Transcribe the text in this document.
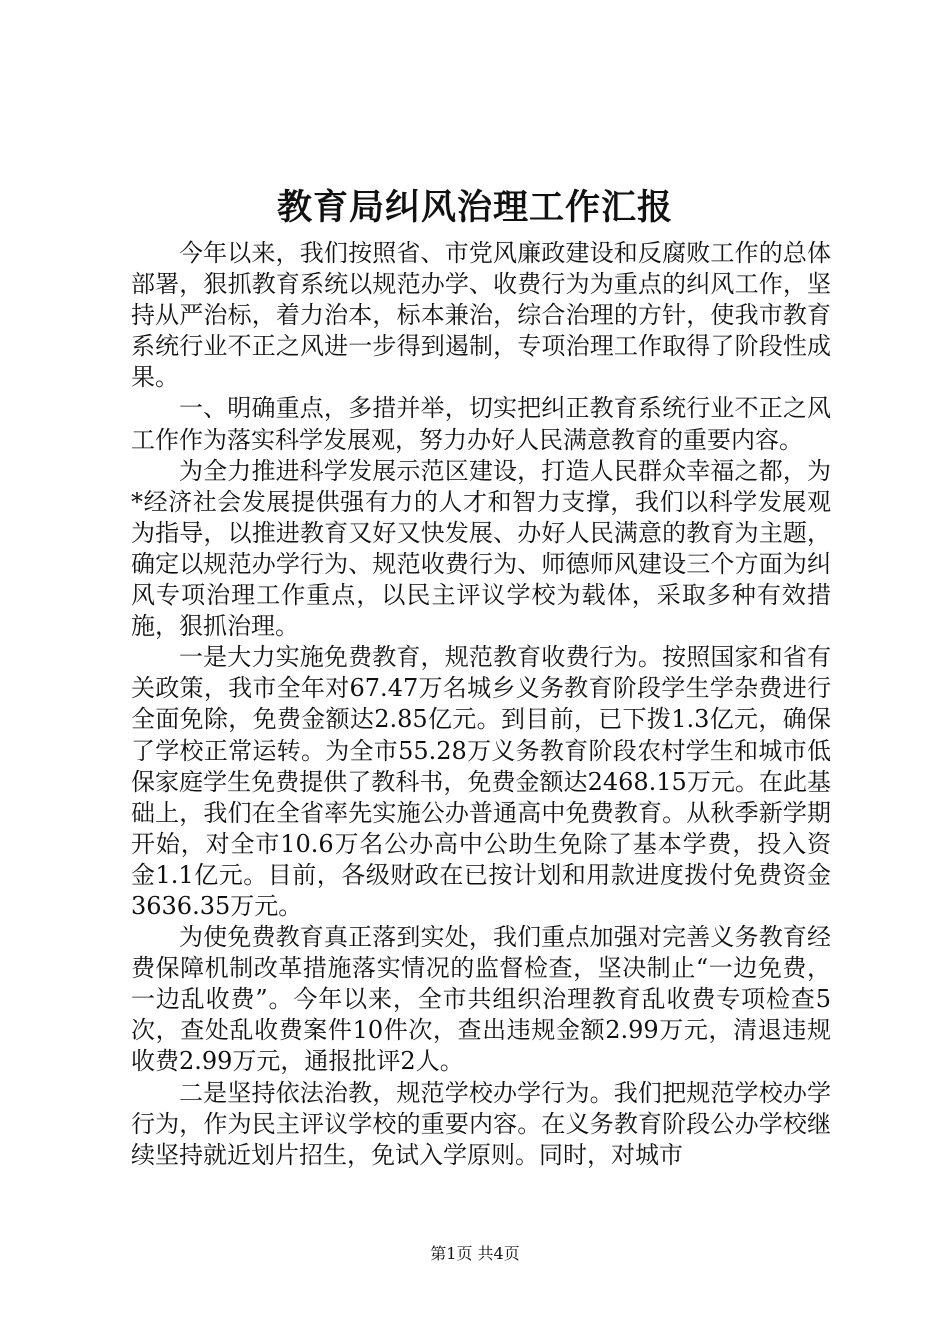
教育局纠风治理工作汇报

今年以来，我们按照省、市党风廉政建设和反腐败工作的总体部署，狠抓教育系统以规范办学、收费行为为重点的纠风工作，坚持从严治标，着力治本，标本兼治，综合治理的方针，使我市教育系统行业不正之风进一步得到遏制，专项治理工作取得了阶段性成果。

一、明确重点，多措并举，切实把纠正教育系统行业不正之风工作作为落实科学发展观，努力办好人民满意教育的重要内容。

为全力推进科学发展示范区建设，打造人民群众幸福之都，为*经济社会发展提供强有力的人才和智力支撑，我们以科学发展观为指导，以推进教育又好又快发展、办好人民满意的教育为主题，确定以规范办学行为、规范收费行为、师德师风建设三个方面为纠风专项治理工作重点，以民主评议学校为载体，采取多种有效措施，狠抓治理。

一是大力实施免费教育，规范教育收费行为。按照国家和省有关政策，我市全年对67.47万名城乡义务教育阶段学生学杂费进行全面免除，免费金额达2.85亿元。到目前，已下拨1.3亿元，确保了学校正常运转。为全市55.28万义务教育阶段农村学生和城市低保家庭学生免费提供了教科书，免费金额达2468.15万元。在此基础上，我们在全省率先实施公办普通高中免费教育。从秋季新学期开始，对全市10.6万名公办高中公助生免除了基本学费，投入资金1.1亿元。目前，各级财政在已按计划和用款进度拨付免费资金3636.35万元。

为使免费教育真正落到实处，我们重点加强对完善义务教育经费保障机制改革措施落实情况的监督检查，坚决制止“一边免费，一边乱收费”。今年以来，全市共组织治理教育乱收费专项检查5次，查处乱收费案件10件次，查出违规金额2.99万元，清退违规收费2.99万元，通报批评2人。

二是坚持依法治教，规范学校办学行为。我们把规范学校办学行为，作为民主评议学校的重要内容。在义务教育阶段公办学校继续坚持就近划片招生，免试入学原则。同时，对城市

第1页 共4页
